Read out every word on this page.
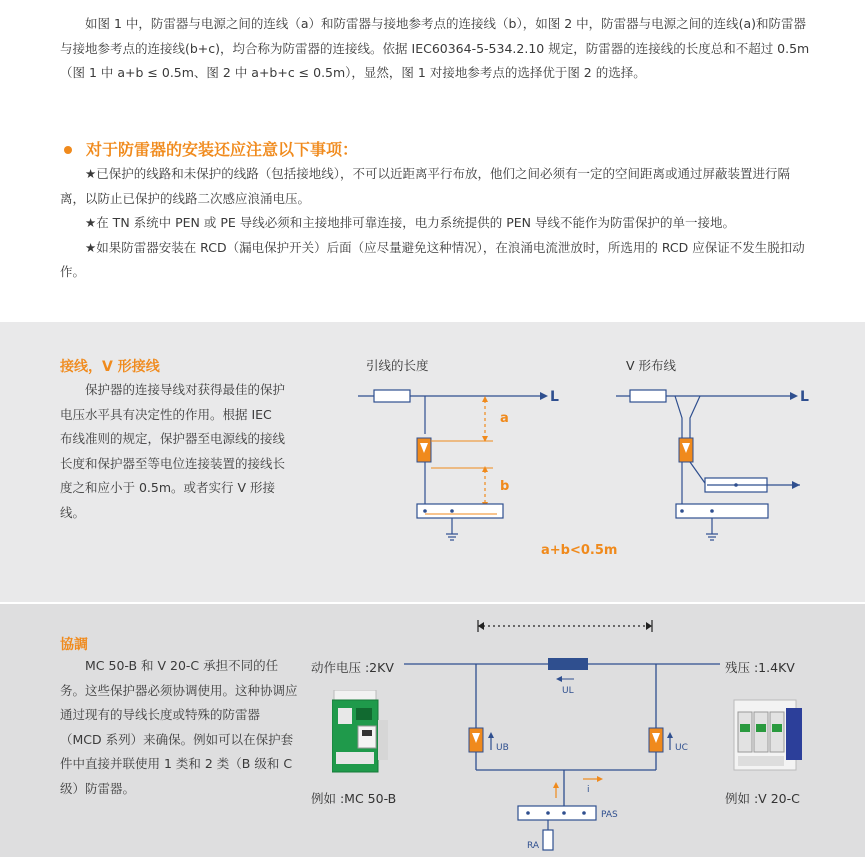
如图 1 中，防雷器与电源之间的连线（a）和防雷器与接地参考点的连接线（b），如图 2 中，防雷器与电源之间的连线(a)和防雷器与接地参考点的连接线(b+c)，均合称为防雷器的连接线。依据 IEC60364-5-534.2.10 规定，防雷器的连接线的长度总和不超过 0.5m（图 1 中 a+b ≤ 0.5m、图 2 中 a+b+c ≤ 0.5m），显然，图 1 对接地参考点的选择优于图 2 的选择。

对于防雷器的安装还应注意以下事项：

★已保护的线路和未保护的线路（包括接地线），不可以近距离平行布放，他们之间必须有一定的空间距离或通过屏蔽装置进行隔离，以防止已保护的线路二次感应浪涌电压。

★在 TN 系统中 PEN 或 PE 导线必须和主接地排可靠连接，电力系统提供的 PEN 导线不能作为防雷保护的单一接地。

★如果防雷器安装在 RCD（漏电保护开关）后面（应尽量避免这种情况），在浪涌电流泄放时，所选用的 RCD 应保证不发生脱扣动作。

接线，V 形接线

保护器的连接导线对获得最佳的保护电压水平具有决定性的作用。根据 IEC 布线准则的规定，保护器至电源线的接线长度和保护器至等电位连接装置的接线长度之和应小于 0.5m。或者实行 V 形接线。

引线的长度
L
a
b
a+b<0.5m
V 形布线
L
協調

MC 50-B 和 V 20-C 承担不同的任务。这些保护器必须协调使用。这种协调应通过现有的导线长度或特殊的防雷器（MCD 系列）来确保。例如可以在保护套件中直接并联使用 1 类和 2 类（B 级和 C 级）防雷器。

动作电压 :2KV	残压 :1.4KV
例如 :MC 50-B	例如 :V 20-C
UL
UB	UC
i
PAS
RA
